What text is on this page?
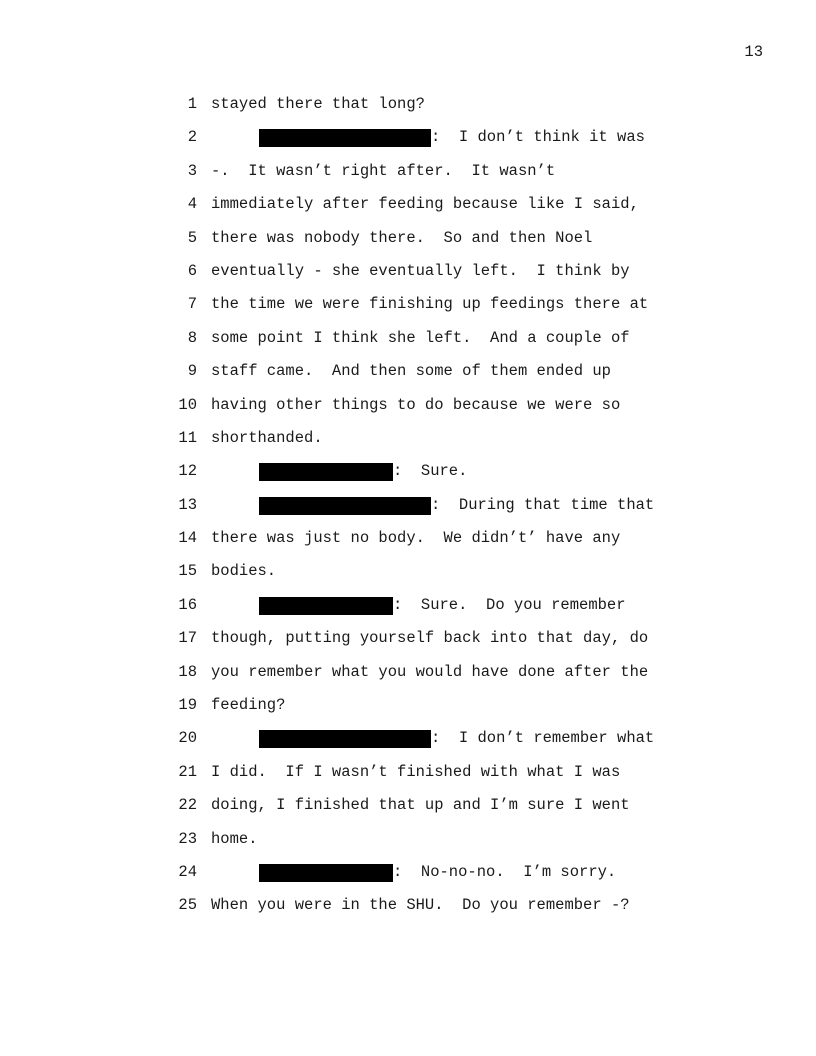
13
1 stayed there that long?
2	:  I don’t think it was
3 -.  It wasn’t right after.  It wasn’t
4 immediately after feeding because like I said,
5 there was nobody there.  So and then Noel
6 eventually - she eventually left.  I think by
7 the time we were finishing up feedings there at
8 some point I think she left.  And a couple of
9 staff came.  And then some of them ended up
10 having other things to do because we were so
11 shorthanded.
12	:  Sure.
13	:  During that time that
14 there was just no body.  We didn’t’ have any
15 bodies.
16	:  Sure.  Do you remember
17 though, putting yourself back into that day, do
18 you remember what you would have done after the
19 feeding?
20	:  I don’t remember what
21 I did.  If I wasn’t finished with what I was
22 doing, I finished that up and I’m sure I went
23 home.
24	:  No-no-no.  I’m sorry.
25 When you were in the SHU.  Do you remember -?
